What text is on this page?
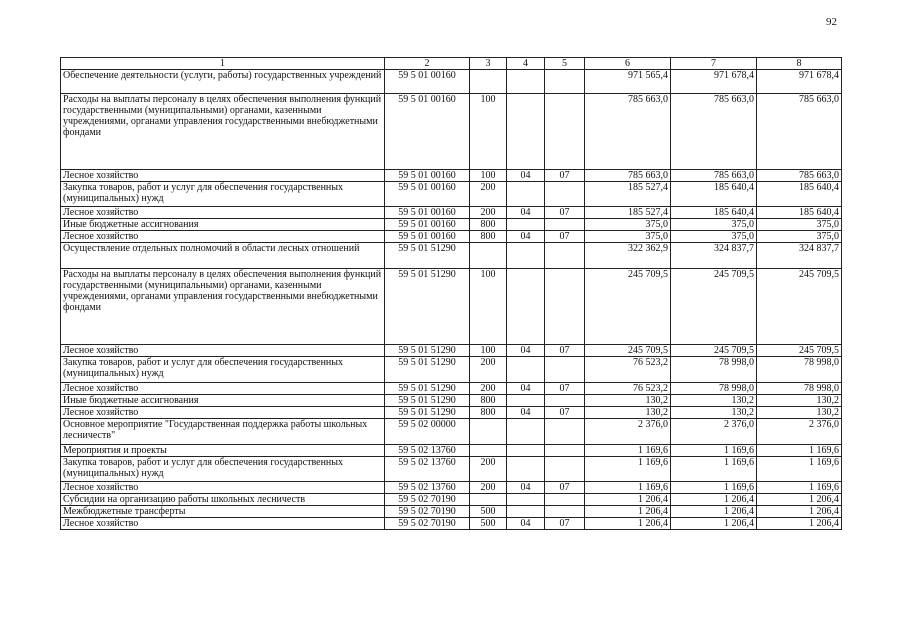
92
1	2	3	4	5	6	7	8
Обеспечение деятельности (услуги, работы) государственных учреждений	59 5 01 00160				971 565,4	971 678,4	971 678,4
Расходы на выплаты персоналу в целях обеспечения выполнения функций государственными (муниципальными) органами, казенными учреждениями, органами управления государственными внебюджетными фондами	59 5 01 00160	100			785 663,0	785 663,0	785 663,0
Лесное хозяйство	59 5 01 00160	100	04	07	785 663,0	785 663,0	785 663,0
Закупка товаров, работ и услуг для обеспечения государственных (муниципальных) нужд	59 5 01 00160	200			185 527,4	185 640,4	185 640,4
Лесное хозяйство	59 5 01 00160	200	04	07	185 527,4	185 640,4	185 640,4
Иные бюджетные ассигнования	59 5 01 00160	800			375,0	375,0	375,0
Лесное хозяйство	59 5 01 00160	800	04	07	375,0	375,0	375,0
Осуществление отдельных полномочий в области лесных отношений	59 5 01 51290				322 362,9	324 837,7	324 837,7
Расходы на выплаты персоналу в целях обеспечения выполнения функций государственными (муниципальными) органами, казенными учреждениями, органами управления государственными внебюджетными фондами	59 5 01 51290	100			245 709,5	245 709,5	245 709,5
Лесное хозяйство	59 5 01 51290	100	04	07	245 709,5	245 709,5	245 709,5
Закупка товаров, работ и услуг для обеспечения государственных (муниципальных) нужд	59 5 01 51290	200			76 523,2	78 998,0	78 998,0
Лесное хозяйство	59 5 01 51290	200	04	07	76 523,2	78 998,0	78 998,0
Иные бюджетные ассигнования	59 5 01 51290	800			130,2	130,2	130,2
Лесное хозяйство	59 5 01 51290	800	04	07	130,2	130,2	130,2
Основное мероприятие "Государственная поддержка работы школьных лесничеств"	59 5 02 00000				2 376,0	2 376,0	2 376,0
Мероприятия и проекты	59 5 02 13760				1 169,6	1 169,6	1 169,6
Закупка товаров, работ и услуг для обеспечения государственных (муниципальных) нужд	59 5 02 13760	200			1 169,6	1 169,6	1 169,6
Лесное хозяйство	59 5 02 13760	200	04	07	1 169,6	1 169,6	1 169,6
Субсидии на организацию работы школьных лесничеств	59 5 02 70190				1 206,4	1 206,4	1 206,4
Межбюджетные трансферты	59 5 02 70190	500			1 206,4	1 206,4	1 206,4
Лесное хозяйство	59 5 02 70190	500	04	07	1 206,4	1 206,4	1 206,4
